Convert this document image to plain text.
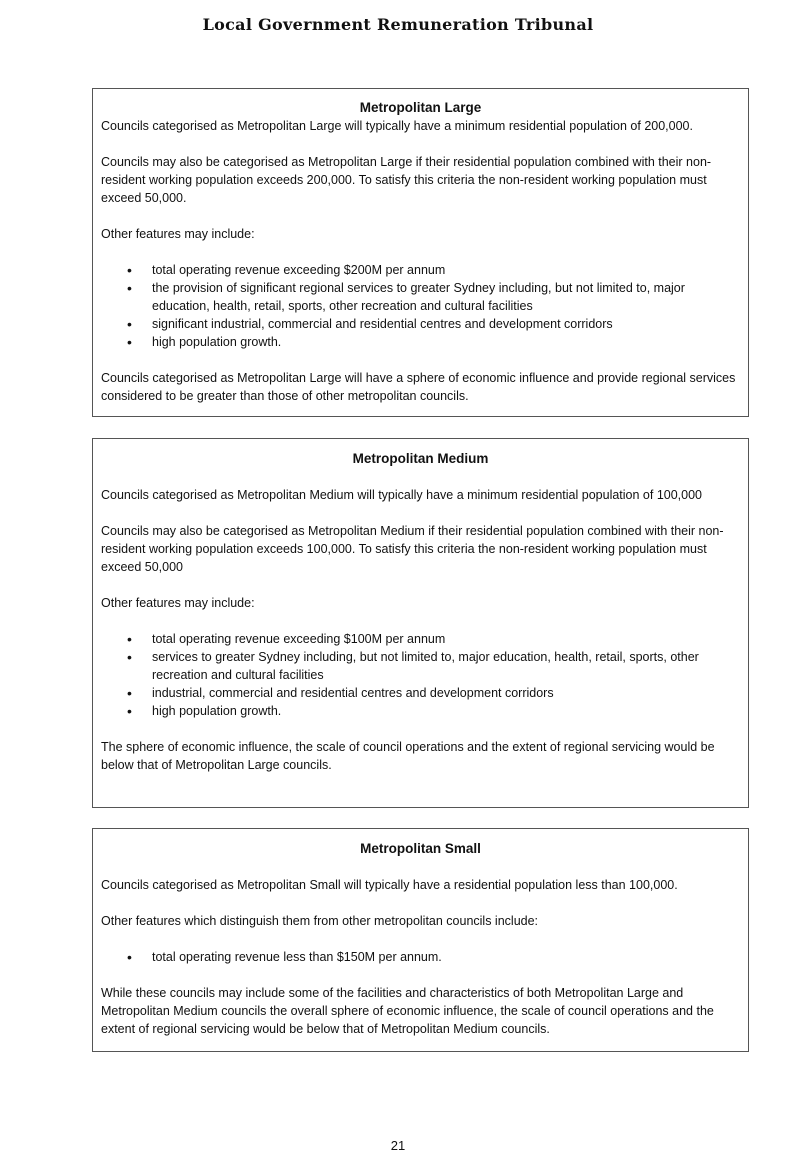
Local Government Remuneration Tribunal

Metropolitan Large

Councils categorised as Metropolitan Large will typically have a minimum residential population of 200,000.

Councils may also be categorised as Metropolitan Large if their residential population combined with their non-resident working population exceeds 200,000. To satisfy this criteria the non-resident working population must exceed 50,000.

Other features may include:

• total operating revenue exceeding $200M per annum
• the provision of significant regional services to greater Sydney including, but not limited to, major education, health, retail, sports, other recreation and cultural facilities
• significant industrial, commercial and residential centres and development corridors
• high population growth.

Councils categorised as Metropolitan Large will have a sphere of economic influence and provide regional services considered to be greater than those of other metropolitan councils.

Metropolitan Medium

Councils categorised as Metropolitan Medium will typically have a minimum residential population of 100,000

Councils may also be categorised as Metropolitan Medium if their residential population combined with their non-resident working population exceeds 100,000. To satisfy this criteria the non-resident working population must exceed 50,000

Other features may include:

• total operating revenue exceeding $100M per annum
• services to greater Sydney including, but not limited to, major education, health, retail, sports, other recreation and cultural facilities
• industrial, commercial and residential centres and development corridors
• high population growth.

The sphere of economic influence, the scale of council operations and the extent of regional servicing would be below that of Metropolitan Large councils.

Metropolitan Small

Councils categorised as Metropolitan Small will typically have a residential population less than 100,000.

Other features which distinguish them from other metropolitan councils include:

• total operating revenue less than $150M per annum.

While these councils may include some of the facilities and characteristics of both Metropolitan Large and Metropolitan Medium councils the overall sphere of economic influence, the scale of council operations and the extent of regional servicing would be below that of Metropolitan Medium councils.

21
